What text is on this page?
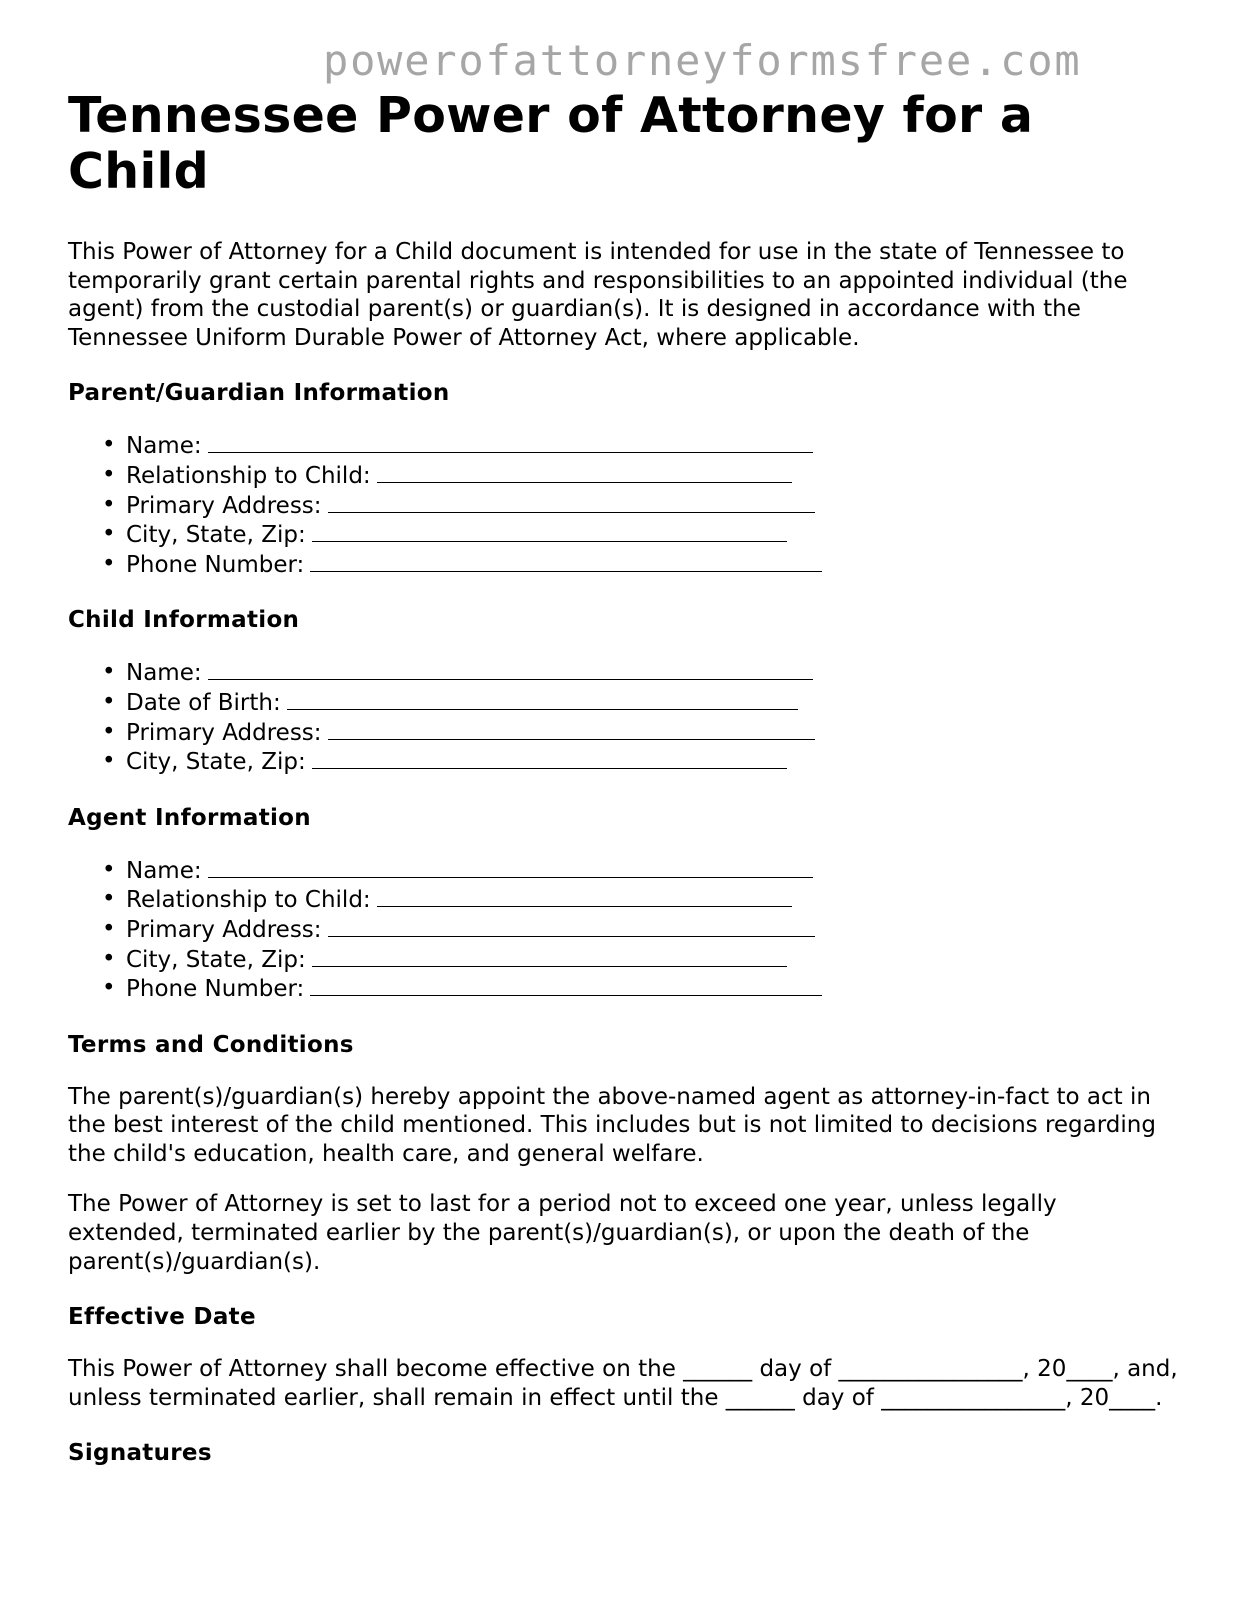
powerofattorneyformsfree.com
Tennessee Power of Attorney for a Child

This Power of Attorney for a Child document is intended for use in the state of Tennessee to temporarily grant certain parental rights and responsibilities to an appointed individual (the agent) from the custodial parent(s) or guardian(s). It is designed in accordance with the Tennessee Uniform Durable Power of Attorney Act, where applicable.

Parent/Guardian Information
• Name:
• Relationship to Child:
• Primary Address:
• City, State, Zip:
• Phone Number:
Child Information
• Name:
• Date of Birth:
• Primary Address:
• City, State, Zip:
Agent Information
• Name:
• Relationship to Child:
• Primary Address:
• City, State, Zip:
• Phone Number:
Terms and Conditions

The parent(s)/guardian(s) hereby appoint the above-named agent as attorney-in-fact to act in the best interest of the child mentioned. This includes but is not limited to decisions regarding the child's education, health care, and general welfare.

The Power of Attorney is set to last for a period not to exceed one year, unless legally extended, terminated earlier by the parent(s)/guardian(s), or upon the death of the parent(s)/guardian(s).

Effective Date

This Power of Attorney shall become effective on the ______ day of ________________, 20____, and, unless terminated earlier, shall remain in effect until the ______ day of ________________, 20____.

Signatures
